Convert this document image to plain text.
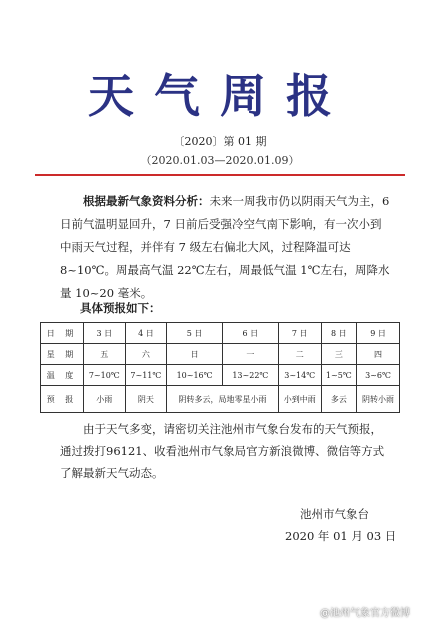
天气周报
〔2020〕第 01 期
（2020.01.03—2020.01.09）
根据最新气象资料分析：未来一周我市仍以阴雨天气为主，6 日前气温明显回升，7 日前后受强冷空气南下影响，有一次小到中雨天气过程，并伴有 7 级左右偏北大风，过程降温可达 8~10℃。周最高气温 22℃左右，周最低气温 1℃左右，周降水量 10~20 毫米。
具体预报如下：
日 期	3 日	4 日	5 日	6 日	7 日	8 日	9 日
星 期	五	六	日	一	二	三	四
温 度	7~10℃	7~11℃	10~16℃	13~22℃	3~14℃	1~5℃	3~6℃
预 报	小雨	阴天	阴转多云，局地零星小雨		小到中雨	多云	阴转小雨
由于天气多变，请密切关注池州市气象台发布的天气预报，通过拨打96121、收看池州市气象局官方新浪微博、微信等方式了解最新天气动态。
池州市气象台
2020 年 01 月 03 日
@池州气象官方微博
